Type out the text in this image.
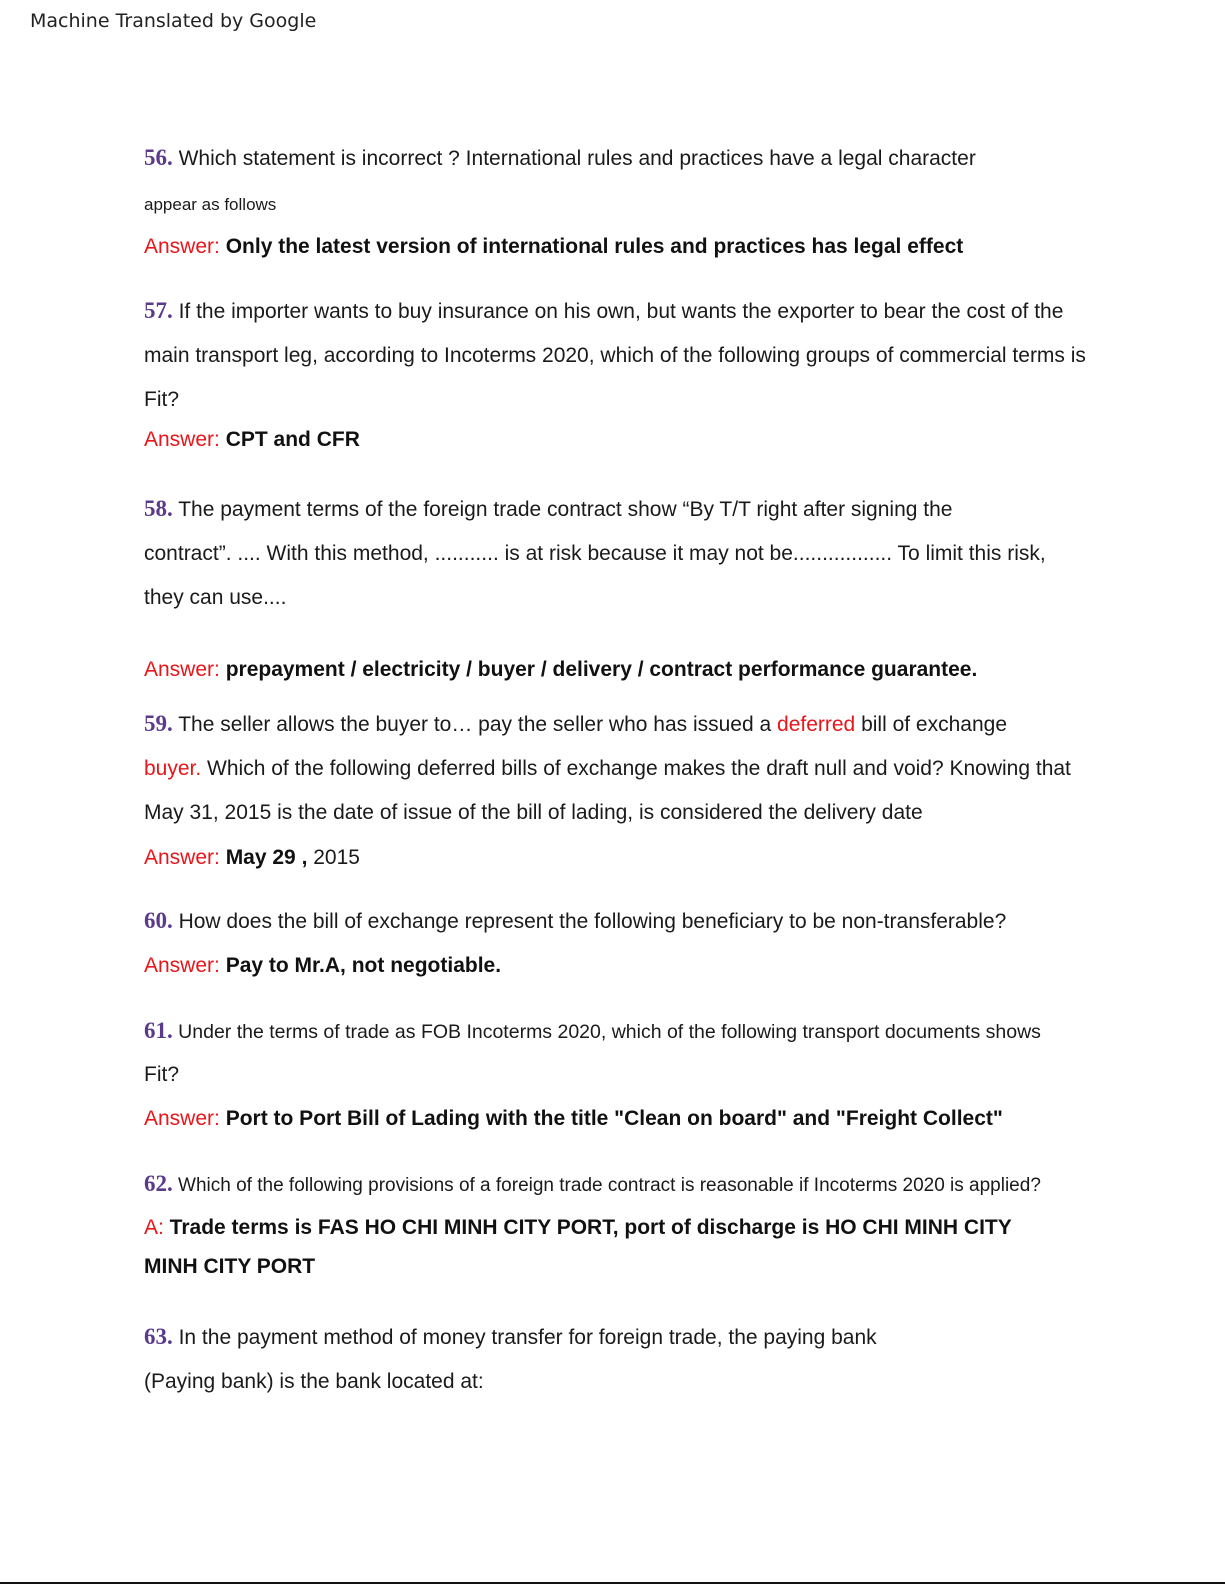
Machine Translated by Google
56. Which statement is incorrect ? International rules and practices have a legal character
appear as follows
Answer: Only the latest version of international rules and practices has legal effect
57. If the importer wants to buy insurance on his own, but wants the exporter to bear the cost of the
main transport leg, according to Incoterms 2020, which of the following groups of commercial terms is
Fit?
Answer: CPT and CFR
58. The payment terms of the foreign trade contract show “By T/T right after signing the
contract”. .... With this method, ........... is at risk because it may not be................. To limit this risk,
they can use....
Answer: prepayment / electricity / buyer / delivery / contract performance guarantee.
59. The seller allows the buyer to… pay the seller who has issued a deferred bill of exchange
buyer. Which of the following deferred bills of exchange makes the draft null and void? Knowing that
May 31, 2015 is the date of issue of the bill of lading, is considered the delivery date
Answer: May 29 , 2015
60. How does the bill of exchange represent the following beneficiary to be non-transferable?
Answer: Pay to Mr.A, not negotiable.
61. Under the terms of trade as FOB Incoterms 2020, which of the following transport documents shows
Fit?
Answer: Port to Port Bill of Lading with the title "Clean on board" and "Freight Collect"
62. Which of the following provisions of a foreign trade contract is reasonable if Incoterms 2020 is applied?
A: Trade terms is FAS HO CHI MINH CITY PORT, port of discharge is HO CHI MINH CITY
MINH CITY PORT
63. In the payment method of money transfer for foreign trade, the paying bank
(Paying bank) is the bank located at:
